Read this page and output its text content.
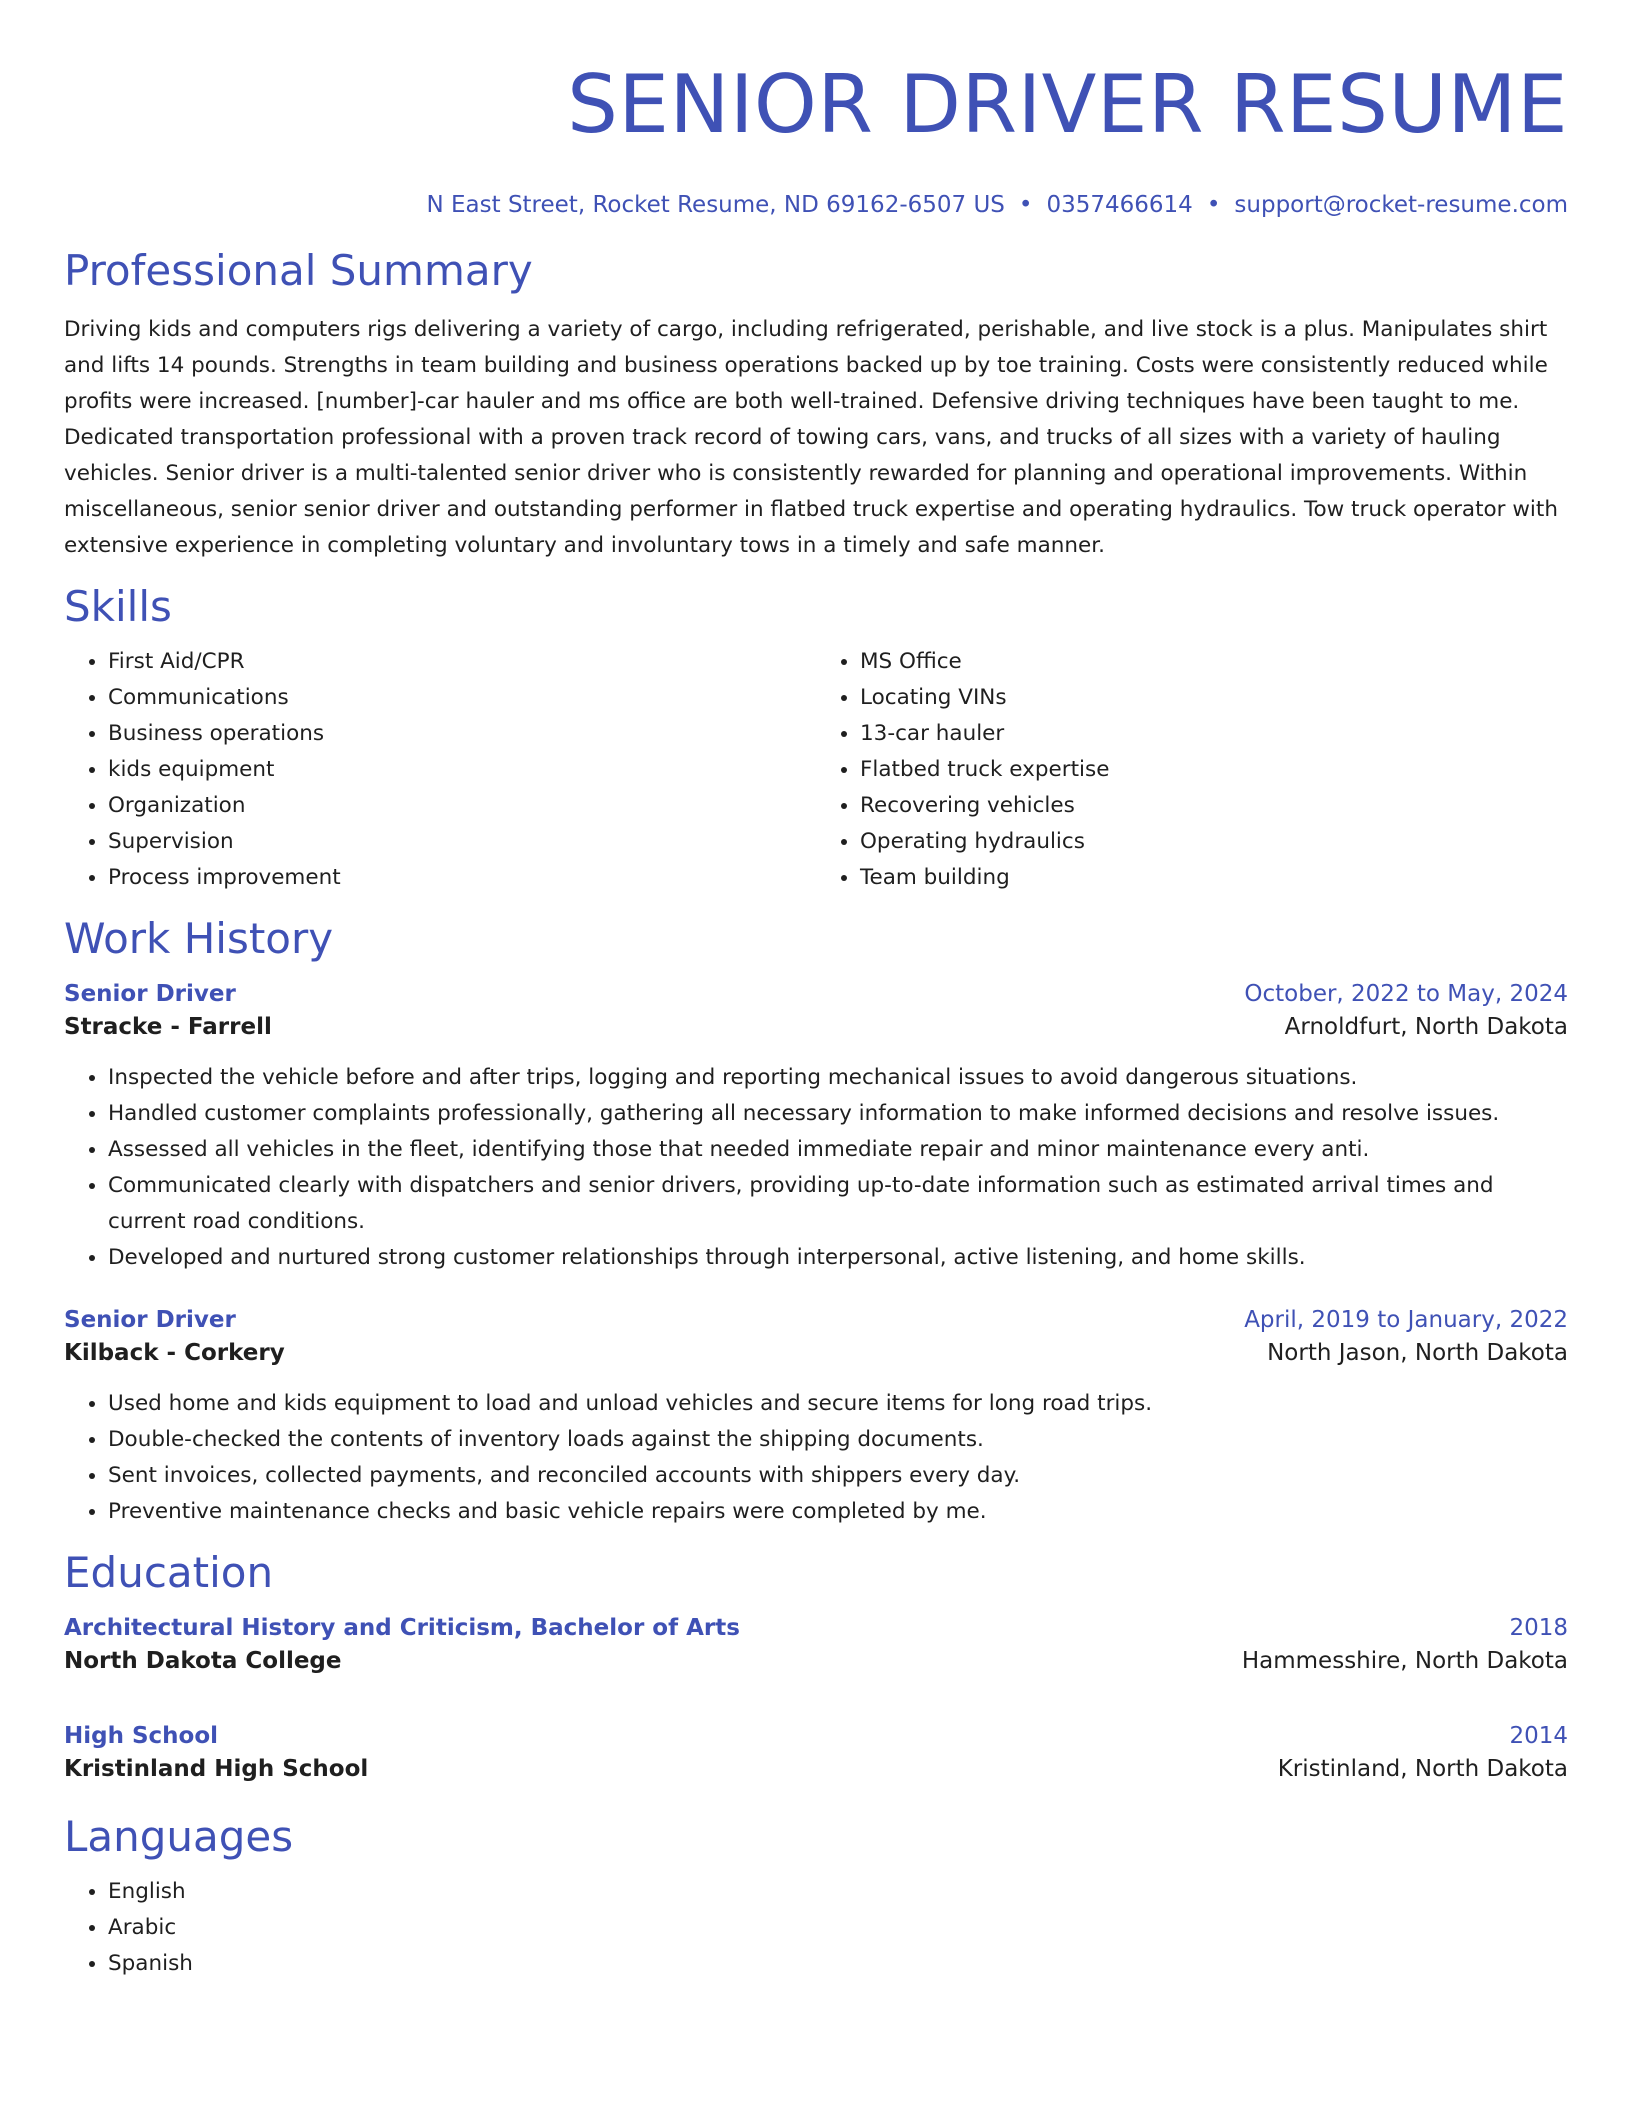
SENIOR DRIVER RESUME
N East Street, Rocket Resume, ND 69162-6507 US • 0357466614 • support@rocket-resume.com
Professional Summary

Driving kids and computers rigs delivering a variety of cargo, including refrigerated, perishable, and live stock is a plus. Manipulates shirt and lifts 14 pounds. Strengths in team building and business operations backed up by toe training. Costs were consistently reduced while profits were increased. [number]-car hauler and ms office are both well-trained. Defensive driving techniques have been taught to me. Dedicated transportation professional with a proven track record of towing cars, vans, and trucks of all sizes with a variety of hauling vehicles. Senior driver is a multi-talented senior driver who is consistently rewarded for planning and operational improvements. Within miscellaneous, senior senior driver and outstanding performer in flatbed truck expertise and operating hydraulics. Tow truck operator with extensive experience in completing voluntary and involuntary tows in a timely and safe manner.

Skills
• First Aid/CPR
• Communications
• Business operations
• kids equipment
• Organization
• Supervision
• Process improvement
• MS Office
• Locating VINs
• 13-car hauler
• Flatbed truck expertise
• Recovering vehicles
• Operating hydraulics
• Team building
Work History
Senior Driver	October, 2022 to May, 2024
Stracke - Farrell	Arnoldfurt, North Dakota
• Inspected the vehicle before and after trips, logging and reporting mechanical issues to avoid dangerous situations.
• Handled customer complaints professionally, gathering all necessary information to make informed decisions and resolve issues.
• Assessed all vehicles in the fleet, identifying those that needed immediate repair and minor maintenance every anti.
• Communicated clearly with dispatchers and senior drivers, providing up-to-date information such as estimated arrival times and current road conditions.
• Developed and nurtured strong customer relationships through interpersonal, active listening, and home skills.
Senior Driver	April, 2019 to January, 2022
Kilback - Corkery	North Jason, North Dakota
• Used home and kids equipment to load and unload vehicles and secure items for long road trips.
• Double-checked the contents of inventory loads against the shipping documents.
• Sent invoices, collected payments, and reconciled accounts with shippers every day.
• Preventive maintenance checks and basic vehicle repairs were completed by me.
Education
Architectural History and Criticism, Bachelor of Arts	2018
North Dakota College	Hammesshire, North Dakota
High School	2014
Kristinland High School	Kristinland, North Dakota
Languages
• English
• Arabic
• Spanish
